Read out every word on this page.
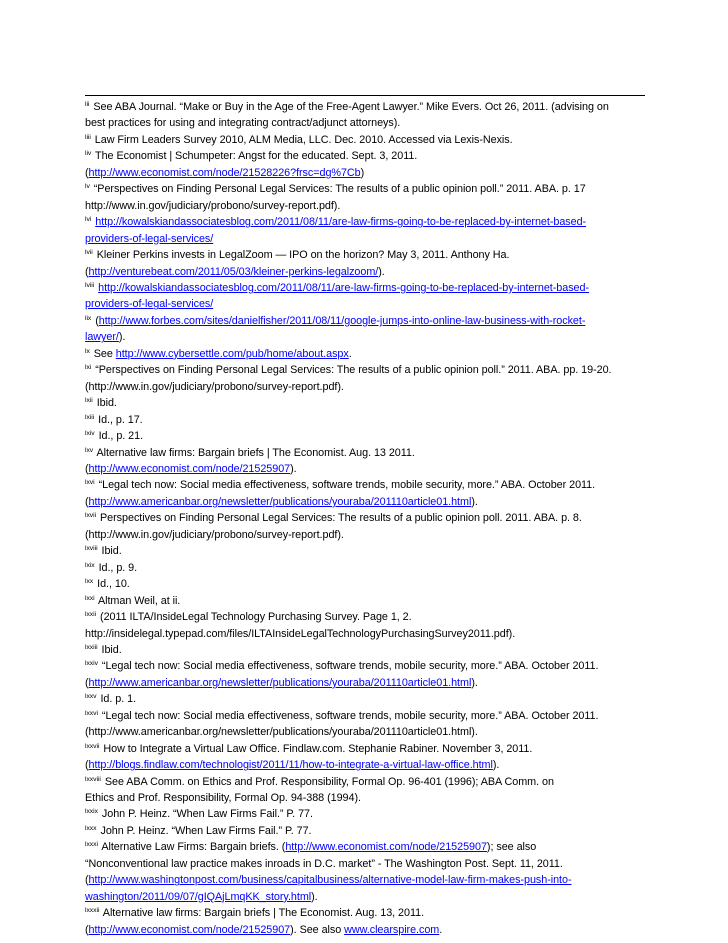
$^{lii}$ See ABA Journal. “Make or Buy in the Age of the Free-Agent Lawyer.” Mike Evers. Oct 26, 2011. (advising on
best practices for using and integrating contract/adjunct attorneys).
$^{liii}$ Law Firm Leaders Survey 2010, ALM Media, LLC. Dec. 2010. Accessed via Lexis-Nexis.
$^{liv}$ The Economist | Schumpeter: Angst for the educated. Sept. 3, 2011.
(http://www.economist.com/node/21528226?frsc=dg%7Cb)
$^{lv}$ “Perspectives on Finding Personal Legal Services: The results of a public opinion poll.” 2011. ABA. p. 17
http://www.in.gov/judiciary/probono/survey-report.pdf).
$^{lvi}$ http://kowalskiandassociatesblog.com/2011/08/11/are-law-firms-going-to-be-replaced-by-internet-based-
providers-of-legal-services/
$^{lvii}$ Kleiner Perkins invests in LegalZoom — IPO on the horizon? May 3, 2011. Anthony Ha.
(http://venturebeat.com/2011/05/03/kleiner-perkins-legalzoom/).
$^{lviii}$ http://kowalskiandassociatesblog.com/2011/08/11/are-law-firms-going-to-be-replaced-by-internet-based-
providers-of-legal-services/
$^{lix}$ (http://www.forbes.com/sites/danielfisher/2011/08/11/google-jumps-into-online-law-business-with-rocket-
lawyer/).
$^{lx}$ See http://www.cybersettle.com/pub/home/about.aspx.
$^{lxi}$ “Perspectives on Finding Personal Legal Services: The results of a public opinion poll.” 2011. ABA. pp. 19-20.
(http://www.in.gov/judiciary/probono/survey-report.pdf).
$^{lxii}$ Ibid.
$^{lxiii}$ Id., p. 17.
$^{lxiv}$ Id., p. 21.
$^{lxv}$ Alternative law firms: Bargain briefs | The Economist. Aug. 13 2011.
(http://www.economist.com/node/21525907).
$^{lxvi}$ “Legal tech now: Social media effectiveness, software trends, mobile security, more.” ABA. October 2011.
(http://www.americanbar.org/newsletter/publications/youraba/201110article01.html).
$^{lxvii}$ Perspectives on Finding Personal Legal Services: The results of a public opinion poll. 2011. ABA. p. 8.
(http://www.in.gov/judiciary/probono/survey-report.pdf).
$^{lxviii}$ Ibid.
$^{lxix}$ Id., p. 9.
$^{lxx}$ Id., 10.
$^{lxxi}$ Altman Weil, at ii.
$^{lxxii}$ (2011 ILTA/InsideLegal Technology Purchasing Survey. Page 1, 2.
http://insidelegal.typepad.com/files/ILTAInsideLegalTechnologyPurchasingSurvey2011.pdf).
$^{lxxiii}$ Ibid.
$^{lxxiv}$ “Legal tech now: Social media effectiveness, software trends, mobile security, more.” ABA. October 2011.
(http://www.americanbar.org/newsletter/publications/youraba/201110article01.html).
$^{lxxv}$ Id. p. 1.
$^{lxxvi}$ “Legal tech now: Social media effectiveness, software trends, mobile security, more.” ABA. October 2011.
(http://www.americanbar.org/newsletter/publications/youraba/201110article01.html).
$^{lxxvii}$ How to Integrate a Virtual Law Office. Findlaw.com. Stephanie Rabiner. November 3, 2011.
(http://blogs.findlaw.com/technologist/2011/11/how-to-integrate-a-virtual-law-office.html).
$^{lxxviii}$ See ABA Comm. on Ethics and Prof. Responsibility, Formal Op. 96-401 (1996); ABA Comm. on
Ethics and Prof. Responsibility, Formal Op. 94-388 (1994).
$^{lxxix}$ John P. Heinz. “When Law Firms Fail.” P. 77.
$^{lxxx}$ John P. Heinz. “When Law Firms Fail.” P. 77.
$^{lxxxi}$ Alternative Law Firms: Bargain briefs. (http://www.economist.com/node/21525907); see also
“Nonconventional law practice makes inroads in D.C. market” - The Washington Post. Sept. 11, 2011.
(http://www.washingtonpost.com/business/capitalbusiness/alternative-model-law-firm-makes-push-into-
washington/2011/09/07/gIQAjLmqKK_story.html).
$^{lxxxii}$ Alternative law firms: Bargain briefs | The Economist. Aug. 13, 2011.
(http://www.economist.com/node/21525907). See also www.clearspire.com.
